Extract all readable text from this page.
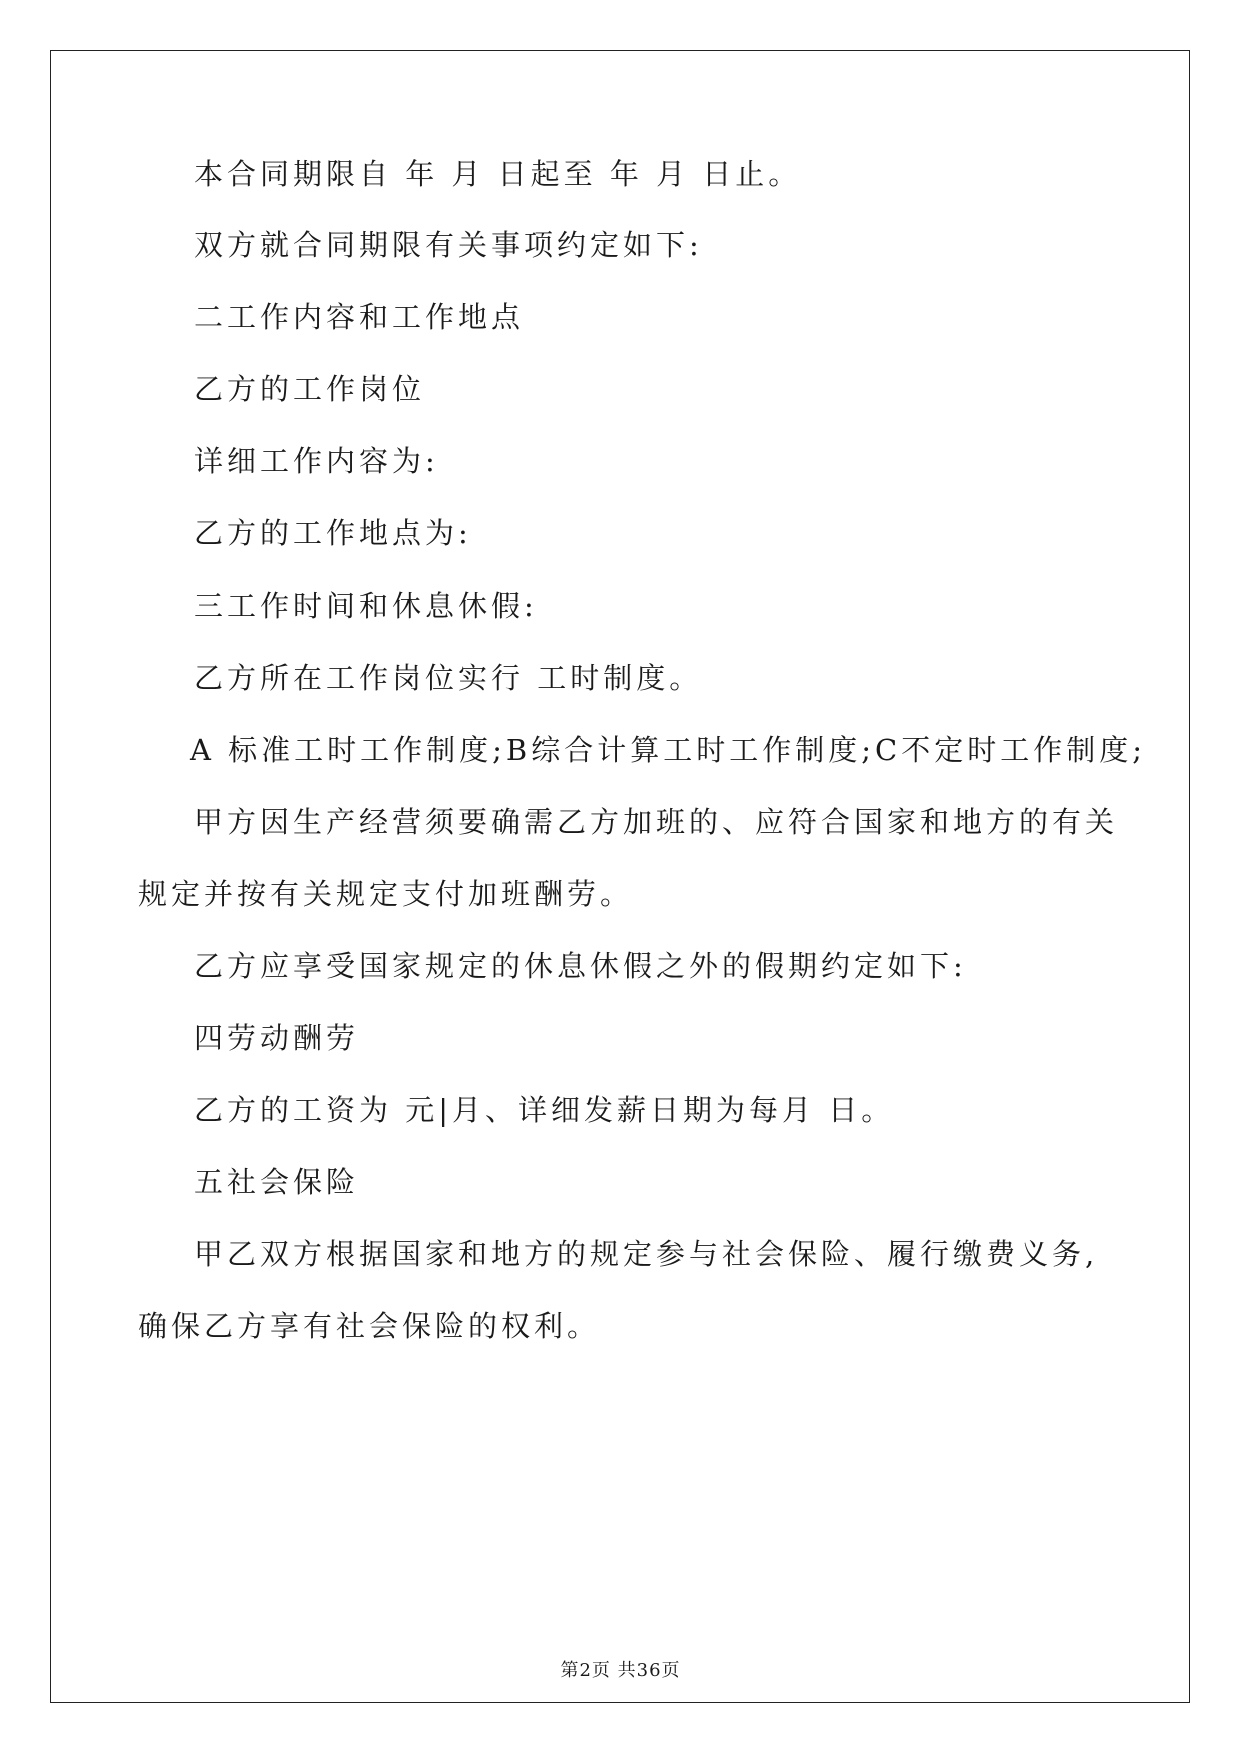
本合同期限自 年 月 日起至 年 月 日止。
双方就合同期限有关事项约定如下:
二工作内容和工作地点
乙方的工作岗位
详细工作内容为:
乙方的工作地点为:
三工作时间和休息休假:
乙方所在工作岗位实行 工时制度。
A 标准工时工作制度;B综合计算工时工作制度;C不定时工作制度;
甲方因生产经营须要确需乙方加班的、应符合国家和地方的有关
规定并按有关规定支付加班酬劳。
乙方应享受国家规定的休息休假之外的假期约定如下:
四劳动酬劳
乙方的工资为 元|月、详细发薪日期为每月 日。
五社会保险
甲乙双方根据国家和地方的规定参与社会保险、履行缴费义务,
确保乙方享有社会保险的权利。
第2页 共36页
